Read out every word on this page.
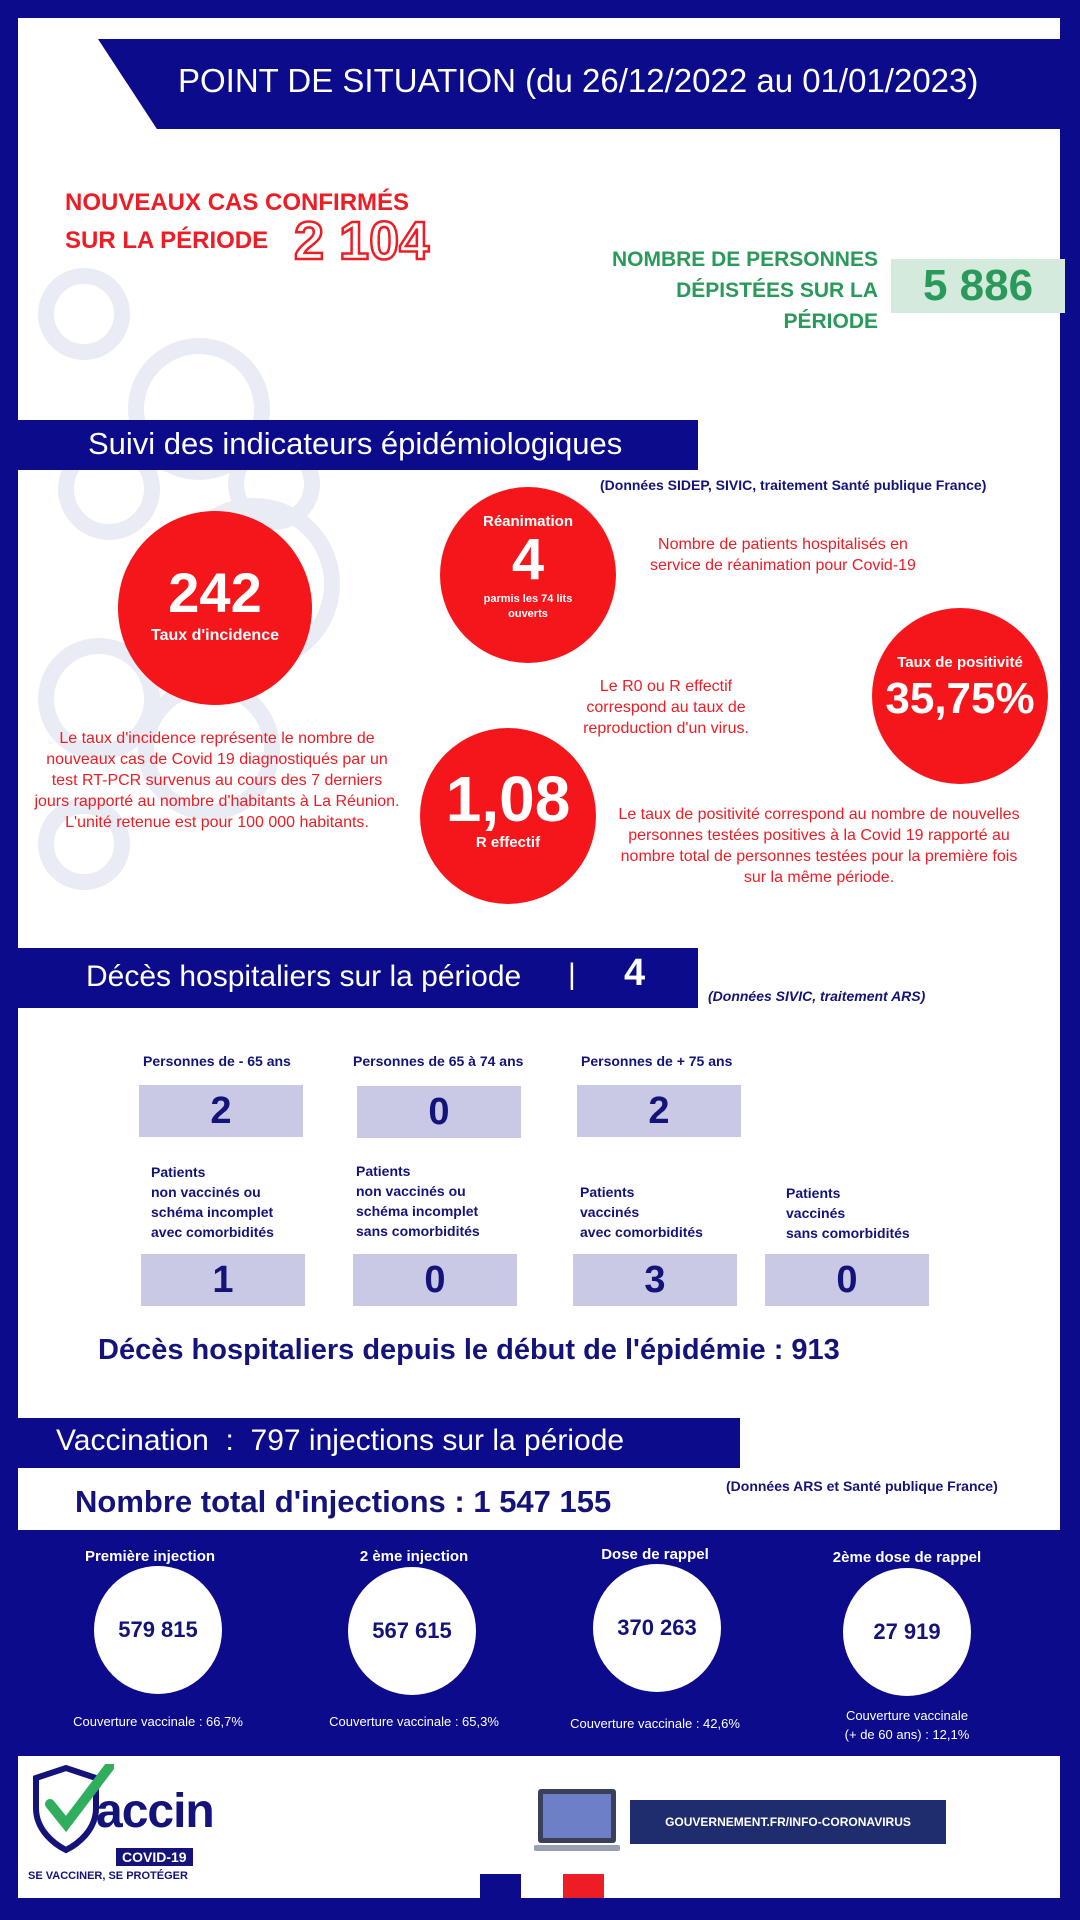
POINT DE SITUATION (du 26/12/2022 au 01/01/2023)
NOUVEAUX CAS CONFIRMÉS
SUR LA PÉRIODE 2 104	NOMBRE DE PERSONNES
DÉPISTÉES SUR LA
PÉRIODE
5 886
Suivi des indicateurs épidémiologiques
(Données SIDEP, SIVIC, traitement Santé publique France)
242
Taux d'incidence
Le taux d'incidence représente le nombre de nouveaux cas de Covid 19 diagnostiqués par un test RT-PCR survenus au cours des 7 derniers jours rapporté au nombre d'habitants à La Réunion.
L'unité retenue est pour 100 000 habitants.
Réanimation
4
parmis les 74 lits ouverts
Nombre de patients hospitalisés en service de réanimation pour Covid-19
Le R0 ou R effectif correspond au taux de reproduction d'un virus.
1,08
R effectif
Taux de positivité
35,75%
Le taux de positivité correspond au nombre de nouvelles personnes testées positives à la Covid 19 rapporté au nombre total de personnes testées pour la première fois sur la même période.
Décès hospitaliers sur la période | 4
(Données SIVIC, traitement ARS)
Personnes de - 65 ans
2
Personnes de 65 à 74 ans
0
Personnes de + 75 ans
2
Patients
non vaccinés ou
schéma incomplet
avec comorbidités
1
Patients
non vaccinés ou
schéma incomplet
sans comorbidités
0
Patients
vaccinés
avec comorbidités
3
Patients
vaccinés
sans comorbidités
0
Décès hospitaliers depuis le début de l'épidémie : 913
Vaccination  :  797 injections sur la période
Nombre total d'injections : 1 547 155	(Données ARS et Santé publique France)
Première injection
579 815
Couverture vaccinale : 66,7%
2 ème injection
567 615
Couverture vaccinale : 65,3%
Dose de rappel
370 263
Couverture vaccinale : 42,6%
2ème dose de rappel
27 919
Couverture vaccinale
(+ de 60 ans) : 12,1%
accin
COVID-19
SE VACCINER, SE PROTÉGER
GOUVERNEMENT.FR/INFO-CORONAVIRUS
